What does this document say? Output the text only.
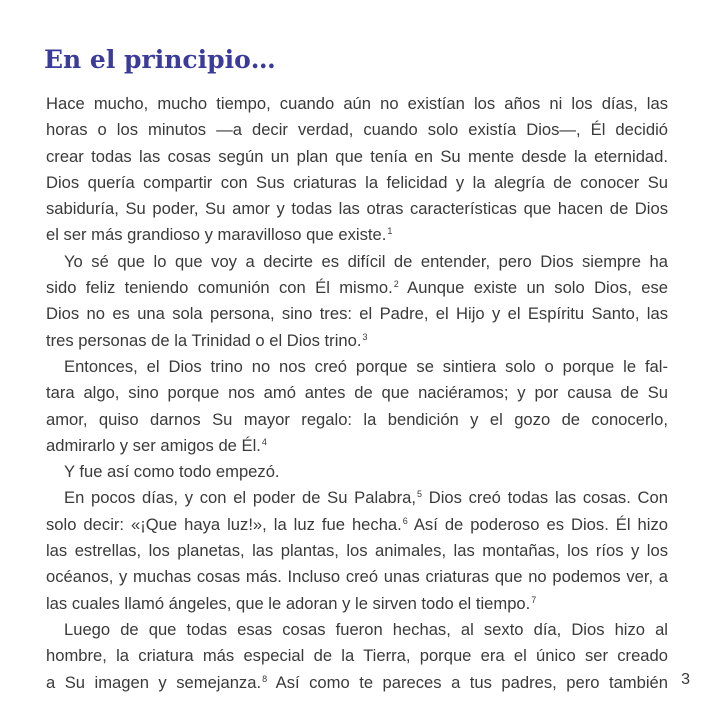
En el principio…
Hace mucho, mucho tiempo, cuando aún no existían los años ni los días, las
horas o los minutos —a decir verdad, cuando solo existía Dios—, Él decidió
crear todas las cosas según un plan que tenía en Su mente desde la eternidad.
Dios quería compartir con Sus criaturas la felicidad y la alegría de conocer Su
sabiduría, Su poder, Su amor y todas las otras características que hacen de Dios
el ser más grandioso y maravilloso que existe.$^1$
Yo sé que lo que voy a decirte es difícil de entender, pero Dios siempre ha
sido feliz teniendo comunión con Él mismo.$^2$ Aunque existe un solo Dios, ese
Dios no es una sola persona, sino tres: el Padre, el Hijo y el Espíritu Santo, las
tres personas de la Trinidad o el Dios trino.$^3$
Entonces, el Dios trino no nos creó porque se sintiera solo o porque le fal-
tara algo, sino porque nos amó antes de que naciéramos; y por causa de Su
amor, quiso darnos Su mayor regalo: la bendición y el gozo de conocerlo,
admirarlo y ser amigos de Él.$^4$
Y fue así como todo empezó.
En pocos días, y con el poder de Su Palabra,$^5$ Dios creó todas las cosas. Con
solo decir: «¡Que haya luz!», la luz fue hecha.$^6$ Así de poderoso es Dios. Él hizo
las estrellas, los planetas, las plantas, los animales, las montañas, los ríos y los
océanos, y muchas cosas más. Incluso creó unas criaturas que no podemos ver, a
las cuales llamó ángeles, que le adoran y le sirven todo el tiempo.$^7$
Luego de que todas esas cosas fueron hechas, al sexto día, Dios hizo al
hombre, la criatura más especial de la Tierra, porque era el único ser creado
a Su imagen y semejanza.$^8$ Así como te pareces a tus padres, pero también 3
